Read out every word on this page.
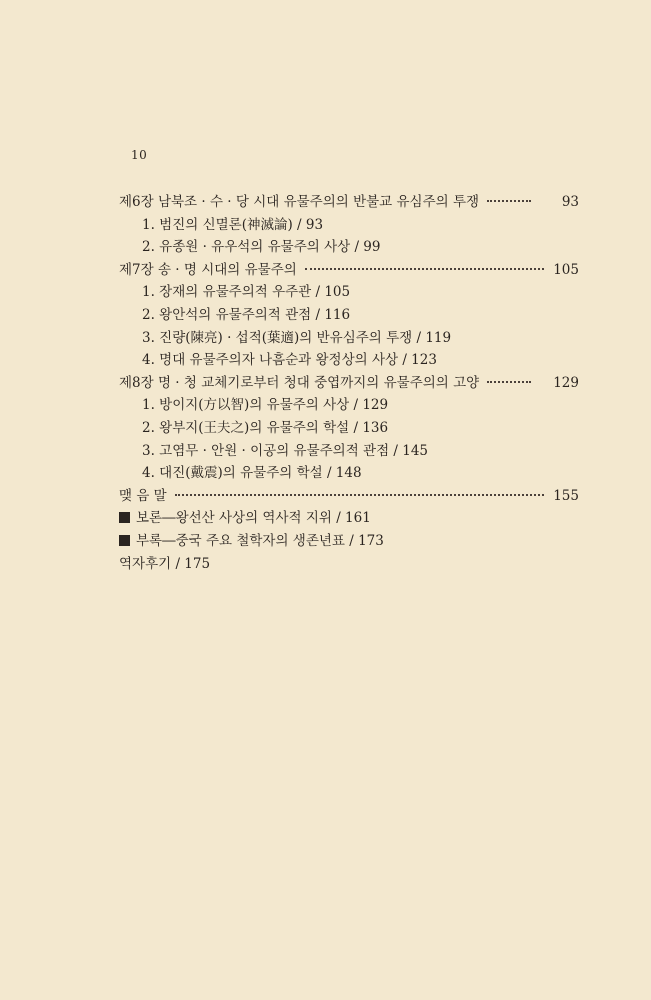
10
제6장 남북조 · 수 · 당 시대 유물주의의 반불교 유심주의 투쟁	93
1. 범진의 신멸론(神滅論) / 93
2. 유종원 · 유우석의 유물주의 사상 / 99
제7장 송 · 명 시대의 유물주의	105
1. 장재의 유물주의적 우주관 / 105
2. 왕안석의 유물주의적 관점 / 116
3. 진량(陳亮) · 섭적(葉適)의 반유심주의 투쟁 / 119
4. 명대 유물주의자 나흠순과 왕정상의 사상 / 123
제8장 명 · 청 교체기로부터 청대 중엽까지의 유물주의의 고양	129
1. 방이지(方以智)의 유물주의 사상 / 129
2. 왕부지(王夫之)의 유물주의 학설 / 136
3. 고염무 · 안원 · 이공의 유물주의적 관점 / 145
4. 대진(戴震)의 유물주의 학설 / 148
맺 음 말	155
보론―왕선산 사상의 역사적 지위 / 161
부록―중국 주요 철학자의 생존년표 / 173
역자후기 / 175
